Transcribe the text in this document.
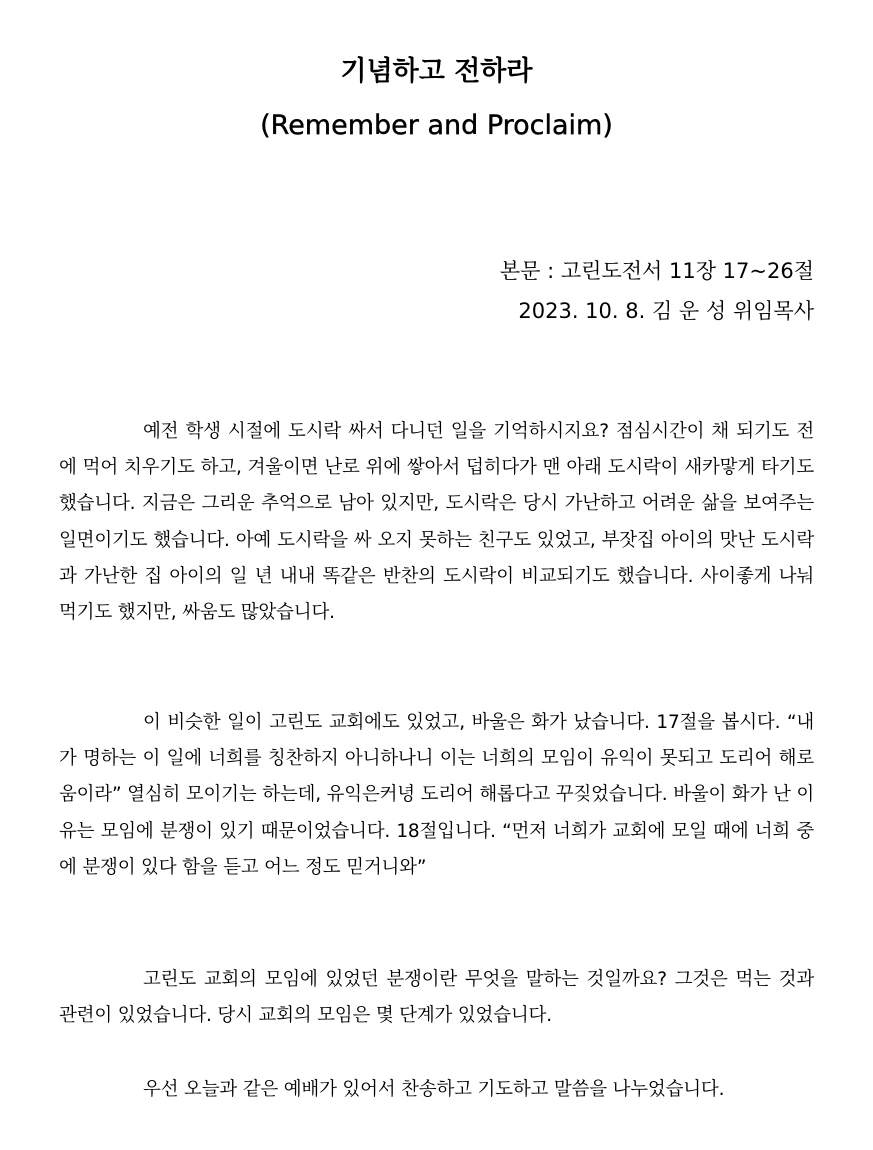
기념하고 전하라
(Remember and Proclaim)
본문 : 고린도전서 11장 17~26절
2023. 10. 8. 김 운 성 위임목사

예전 학생 시절에 도시락 싸서 다니던 일을 기억하시지요? 점심시간이 채 되기도 전에 먹어 치우기도 하고, 겨울이면 난로 위에 쌓아서 덥히다가 맨 아래 도시락이 새카맣게 타기도 했습니다. 지금은 그리운 추억으로 남아 있지만, 도시락은 당시 가난하고 어려운 삶을 보여주는 일면이기도 했습니다. 아예 도시락을 싸 오지 못하는 친구도 있었고, 부잣집 아이의 맛난 도시락과 가난한 집 아이의 일 년 내내 똑같은 반찬의 도시락이 비교되기도 했습니다. 사이좋게 나눠 먹기도 했지만, 싸움도 많았습니다.

이 비슷한 일이 고린도 교회에도 있었고, 바울은 화가 났습니다. 17절을 봅시다. “내가 명하는 이 일에 너희를 칭찬하지 아니하나니 이는 너희의 모임이 유익이 못되고 도리어 해로움이라” 열심히 모이기는 하는데, 유익은커녕 도리어 해롭다고 꾸짖었습니다. 바울이 화가 난 이유는 모임에 분쟁이 있기 때문이었습니다. 18절입니다. “먼저 너희가 교회에 모일 때에 너희 중에 분쟁이 있다 함을 듣고 어느 정도 믿거니와”

고린도 교회의 모임에 있었던 분쟁이란 무엇을 말하는 것일까요? 그것은 먹는 것과 관련이 있었습니다. 당시 교회의 모임은 몇 단계가 있었습니다.

우선 오늘과 같은 예배가 있어서 찬송하고 기도하고 말씀을 나누었습니다.
